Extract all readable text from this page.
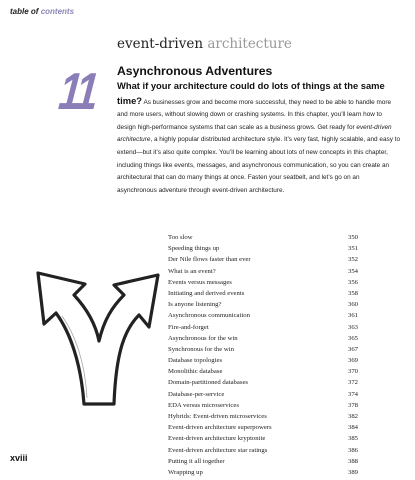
table of contents
11
event-driven architecture
Asynchronous Adventures
What if your architecture could do lots of things at the same time? As businesses grow and become more successful, they need to be able to handle more and more users, without slowing down or crashing systems. In this chapter, you’ll learn how to design high-performance systems that can scale as a business grows. Get ready for event-driven architecture, a highly popular distributed architecture style. It’s very fast, highly scalable, and easy to extend—but it’s also quite complex. You’ll be learning about lots of new concepts in this chapter, including things like events, messages, and asynchronous communication, so you can create an architectural that can do many things at once. Fasten your seatbelt, and let’s go on an asynchronous adventure through event-driven architecture.
Too slow	350
Speeding things up	351
Der Nile flows faster than ever	352
What is an event?	354
Events versus messages	356
Initiating and derived events	358
Is anyone listening?	360
Asynchronous communication	361
Fire-and-forget	363
Asynchronous for the win	365
Synchronous for the win	367
Database topologies	369
Monolithic database	370
Domain-partitioned databases	372
Database-per-service	374
EDA versus microservices	378
Hybrids: Event-driven microservices	382
Event-driven architecture superpowers	384
Event-driven architecture kryptonite	385
Event-driven architecture star ratings	386
Putting it all together	388
Wrapping up	389
xviii
